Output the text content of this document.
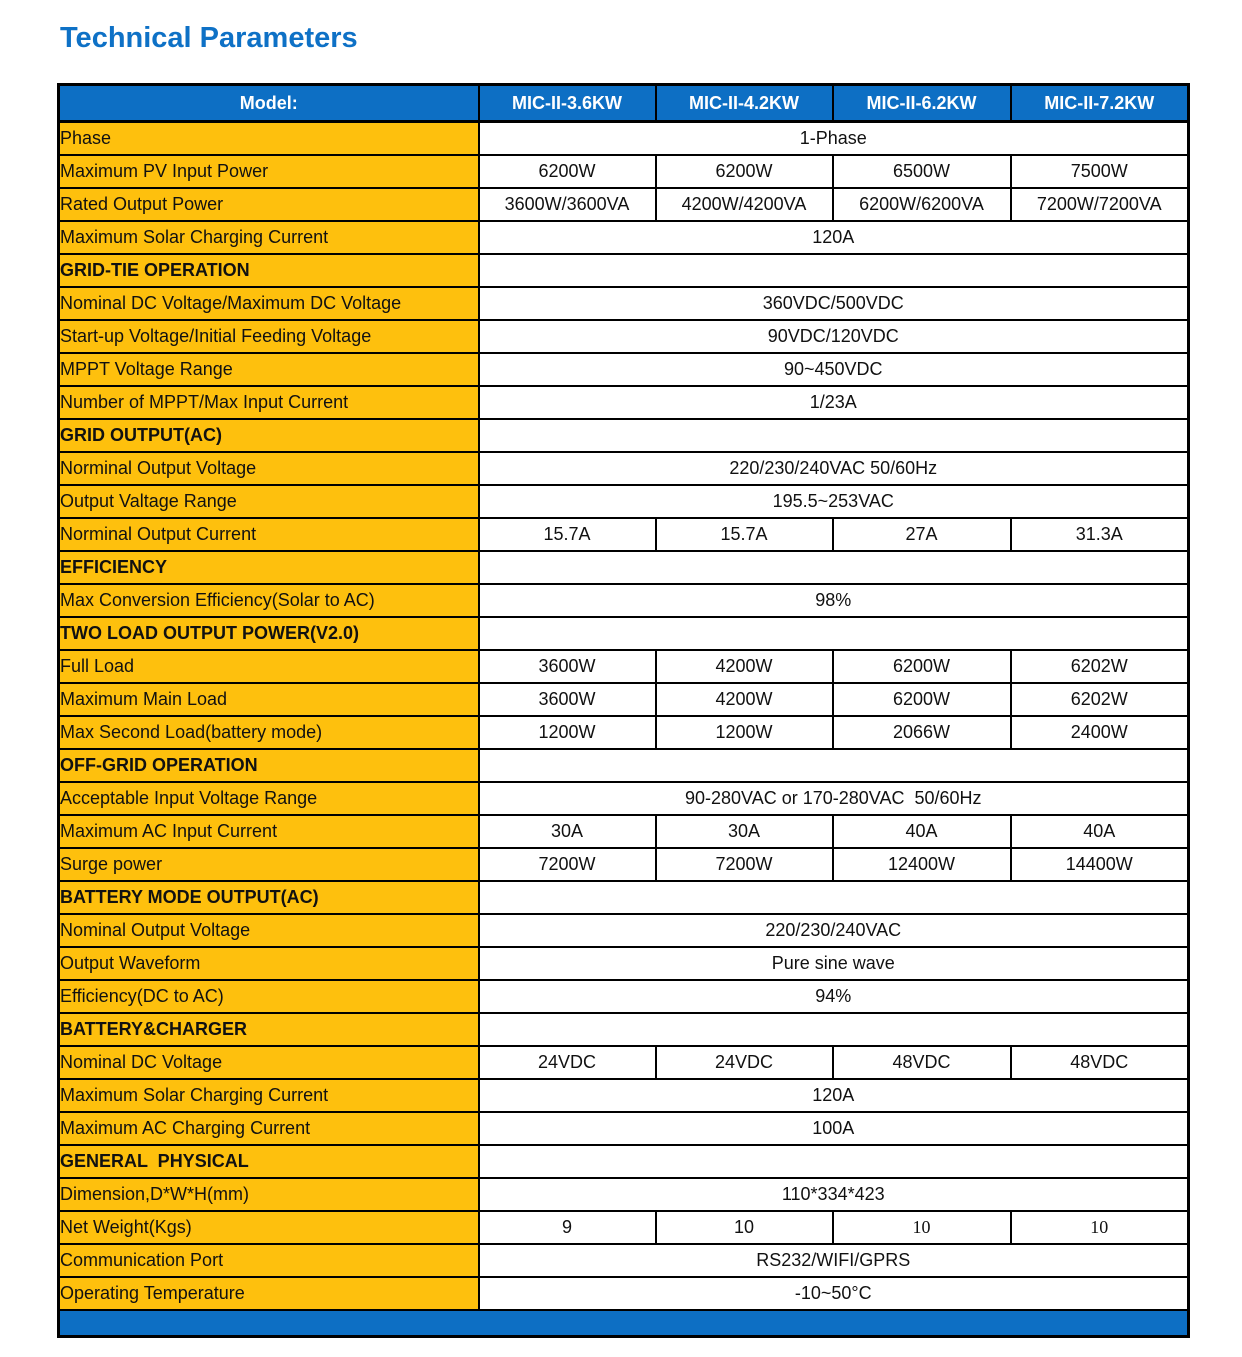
Technical Parameters
Model:	MIC-II-3.6KW	MIC-II-4.2KW	MIC-II-6.2KW	MIC-II-7.2KW
Phase	1-Phase			
Maximum PV Input Power	6200W	6200W	6500W	7500W
Rated Output Power	3600W/3600VA	4200W/4200VA	6200W/6200VA	7200W/7200VA
Maximum Solar Charging Current	120A			
GRID-TIE OPERATION				
Nominal DC Voltage/Maximum DC Voltage	360VDC/500VDC			
Start-up Voltage/Initial Feeding Voltage	90VDC/120VDC			
MPPT Voltage Range	90~450VDC			
Number of MPPT/Max Input Current	1/23A			
GRID OUTPUT(AC)				
Norminal Output Voltage	220/230/240VAC 50/60Hz			
Output Valtage Range	195.5~253VAC			
Norminal Output Current	15.7A	15.7A	27A	31.3A
EFFICIENCY				
Max Conversion Efficiency(Solar to AC)	98%			
TWO LOAD OUTPUT POWER(V2.0)				
Full Load	3600W	4200W	6200W	6202W
Maximum Main Load	3600W	4200W	6200W	6202W
Max Second Load(battery mode)	1200W	1200W	2066W	2400W
OFF-GRID OPERATION				
Acceptable Input Voltage Range	90-280VAC or 170-280VAC  50/60Hz			
Maximum AC Input Current	30A	30A	40A	40A
Surge power	7200W	7200W	12400W	14400W
BATTERY MODE OUTPUT(AC)				
Nominal Output Voltage	220/230/240VAC			
Output Waveform	Pure sine wave			
Efficiency(DC to AC)	94%			
BATTERY&CHARGER				
Nominal DC Voltage	24VDC	24VDC	48VDC	48VDC
Maximum Solar Charging Current	120A			
Maximum AC Charging Current	100A			
GENERAL  PHYSICAL				
Dimension,D*W*H(mm)	110*334*423			
Net Weight(Kgs)	9	10	10	10
Communication Port	RS232/WIFI/GPRS			
Operating Temperature	-10~50°C			
